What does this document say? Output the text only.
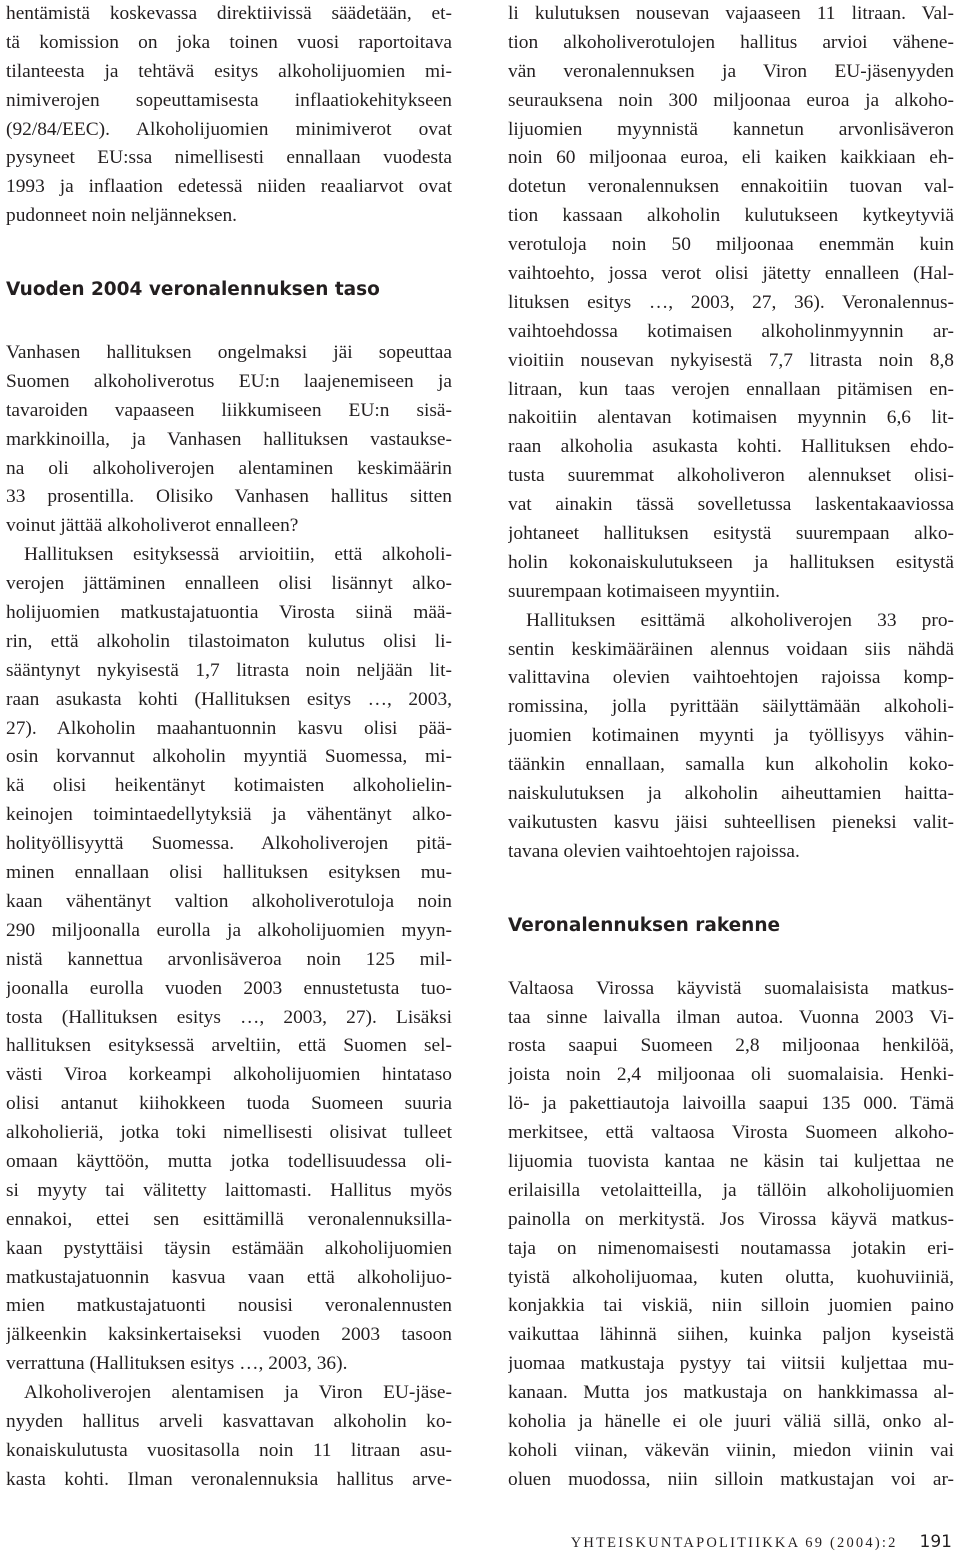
hentämistä koskevassa direktiivissä säädetään, et-
tä komission on joka toinen vuosi raportoitava
tilanteesta ja tehtävä esitys alkoholijuomien mi-
nimiverojen sopeuttamisesta inflaatiokehitykseen
(92/84/EEC). Alkoholijuomien minimiverot ovat
pysyneet EU:ssa nimellisesti ennallaan vuodesta
1993 ja inflaation edetessä niiden reaaliarvot ovat
pudonneet noin neljänneksen.
Vuoden 2004 veronalennuksen taso
Vanhasen hallituksen ongelmaksi jäi sopeuttaa
Suomen alkoholiverotus EU:n laajenemiseen ja
tavaroiden vapaaseen liikkumiseen EU:n sisä-
markkinoilla, ja Vanhasen hallituksen vastaukse-
na oli alkoholiverojen alentaminen keskimäärin
33 prosentilla. Olisiko Vanhasen hallitus sitten
voinut jättää alkoholiverot ennalleen?
Hallituksen esityksessä arvioitiin, että alkoholi-
verojen jättäminen ennalleen olisi lisännyt alko-
holijuomien matkustajatuontia Virosta siinä mää-
rin, että alkoholin tilastoimaton kulutus olisi li-
sääntynyt nykyisestä 1,7 litrasta noin neljään lit-
raan asukasta kohti (Hallituksen esitys …, 2003,
27). Alkoholin maahantuonnin kasvu olisi pää-
osin korvannut alkoholin myyntiä Suomessa, mi-
kä olisi heikentänyt kotimaisten alkoholielin-
keinojen toimintaedellytyksiä ja vähentänyt alko-
holityöllisyyttä Suomessa. Alkoholiverojen pitä-
minen ennallaan olisi hallituksen esityksen mu-
kaan vähentänyt valtion alkoholiverotuloja noin
290 miljoonalla eurolla ja alkoholijuomien myyn-
nistä kannettua arvonlisäveroa noin 125 mil-
joonalla eurolla vuoden 2003 ennustetusta tuo-
tosta (Hallituksen esitys …, 2003, 27). Lisäksi
hallituksen esityksessä arveltiin, että Suomen sel-
västi Viroa korkeampi alkoholijuomien hintataso
olisi antanut kiihokkeen tuoda Suomeen suuria
alkoholieriä, jotka toki nimellisesti olisivat tulleet
omaan käyttöön, mutta jotka todellisuudessa oli-
si myyty tai välitetty laittomasti. Hallitus myös
ennakoi, ettei sen esittämillä veronalennuksilla-
kaan pystyttäisi täysin estämään alkoholijuomien
matkustajatuonnin kasvua vaan että alkoholijuo-
mien matkustajatuonti nousisi veronalennusten
jälkeenkin kaksinkertaiseksi vuoden 2003 tasoon
verrattuna (Hallituksen esitys …, 2003, 36).
Alkoholiverojen alentamisen ja Viron EU-jäse-
nyyden hallitus arveli kasvattavan alkoholin ko-
konaiskulutusta vuositasolla noin 11 litraan asu-
kasta kohti. Ilman veronalennuksia hallitus arve-
li kulutuksen nousevan vajaaseen 11 litraan. Val-
tion alkoholiverotulojen hallitus arvioi vähene-
vän veronalennuksen ja Viron EU-jäsenyyden
seurauksena noin 300 miljoonaa euroa ja alkoho-
lijuomien myynnistä kannetun arvonlisäveron
noin 60 miljoonaa euroa, eli kaiken kaikkiaan eh-
dotetun veronalennuksen ennakoitiin tuovan val-
tion kassaan alkoholin kulutukseen kytkeytyviä
verotuloja noin 50 miljoonaa enemmän kuin
vaihtoehto, jossa verot olisi jätetty ennalleen (Hal-
lituksen esitys …, 2003, 27, 36). Veronalennus-
vaihtoehdossa kotimaisen alkoholinmyynnin ar-
vioitiin nousevan nykyisestä 7,7 litrasta noin 8,8
litraan, kun taas verojen ennallaan pitämisen en-
nakoitiin alentavan kotimaisen myynnin 6,6 lit-
raan alkoholia asukasta kohti. Hallituksen ehdo-
tusta suuremmat alkoholiveron alennukset olisi-
vat ainakin tässä sovelletussa laskentakaaviossa
johtaneet hallituksen esitystä suurempaan alko-
holin kokonaiskulutukseen ja hallituksen esitystä
suurempaan kotimaiseen myyntiin.
Hallituksen esittämä alkoholiverojen 33 pro-
sentin keskimääräinen alennus voidaan siis nähdä
valittavina olevien vaihtoehtojen rajoissa komp-
romissina, jolla pyrittään säilyttämään alkoholi-
juomien kotimainen myynti ja työllisyys vähin-
täänkin ennallaan, samalla kun alkoholin koko-
naiskulutuksen ja alkoholin aiheuttamien haitta-
vaikutusten kasvu jäisi suhteellisen pieneksi valit-
tavana olevien vaihtoehtojen rajoissa.
Veronalennuksen rakenne
Valtaosa Virossa käyvistä suomalaisista matkus-
taa sinne laivalla ilman autoa. Vuonna 2003 Vi-
rosta saapui Suomeen 2,8 miljoonaa henkilöä,
joista noin 2,4 miljoonaa oli suomalaisia. Henki-
lö- ja pakettiautoja laivoilla saapui 135 000. Tämä
merkitsee, että valtaosa Virosta Suomeen alkoho-
lijuomia tuovista kantaa ne käsin tai kuljettaa ne
erilaisilla vetolaitteilla, ja tällöin alkoholijuomien
painolla on merkitystä. Jos Virossa käyvä matkus-
taja on nimenomaisesti noutamassa jotakin eri-
tyistä alkoholijuomaa, kuten olutta, kuohuviiniä,
konjakkia tai viskiä, niin silloin juomien paino
vaikuttaa lähinnä siihen, kuinka paljon kyseistä
juomaa matkustaja pystyy tai viitsii kuljettaa mu-
kanaan. Mutta jos matkustaja on hankkimassa al-
koholia ja hänelle ei ole juuri väliä sillä, onko al-
koholi viinan, väkevän viinin, miedon viinin vai
oluen muodossa, niin silloin matkustajan voi ar-
YHTEISKUNTAPOLITIIKKA 69 (2004):2 191
